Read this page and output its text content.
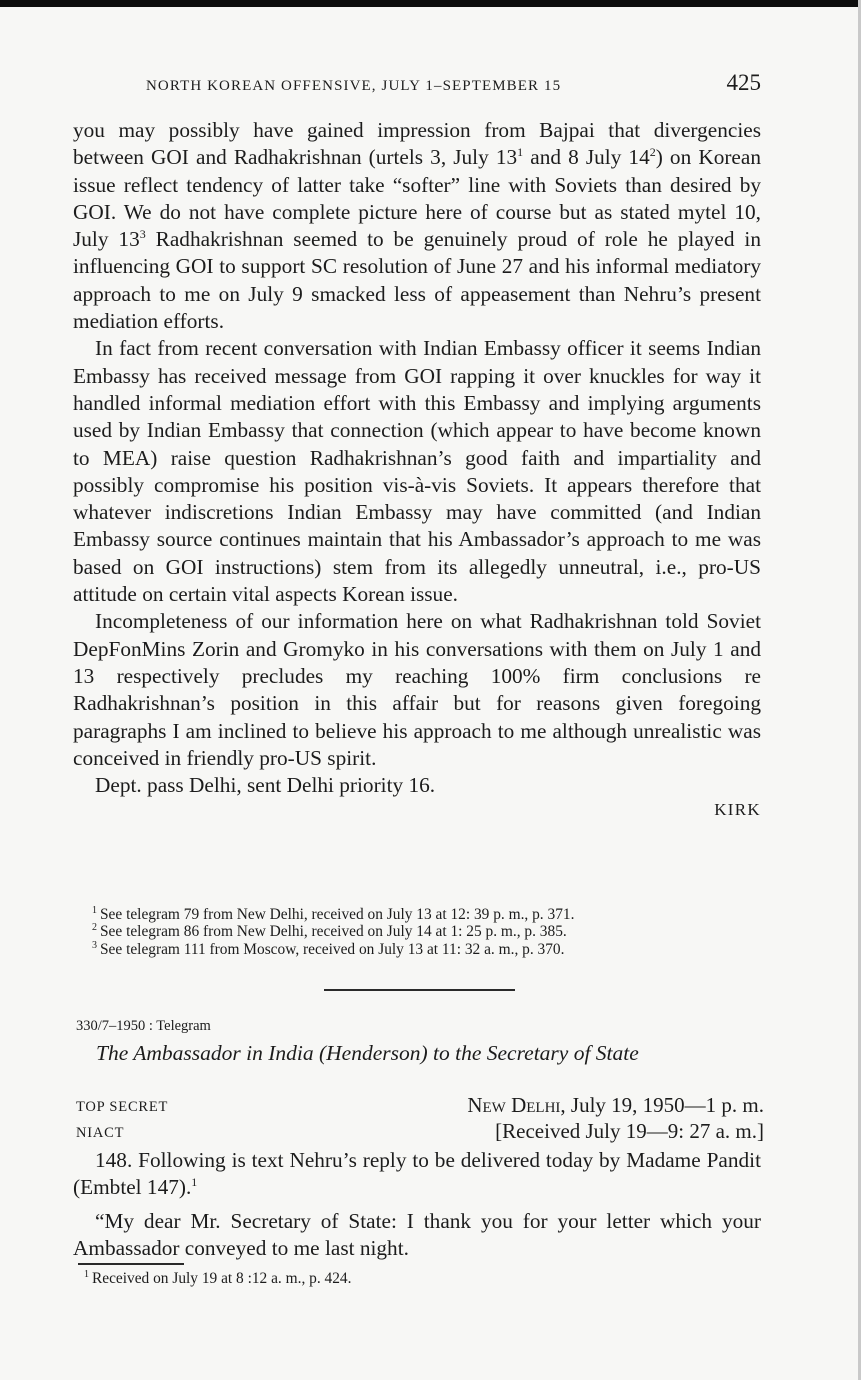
NORTH KOREAN OFFENSIVE, JULY 1–SEPTEMBER 15	425

you may possibly have gained impression from Bajpai that divergencies between GOI and Radhakrishnan (urtels 3, July $13^1$ and 8 July $14^2$) on Korean issue reflect tendency of latter take “softer” line with Soviets than desired by GOI. We do not have complete picture here of course but as stated mytel 10, July $13^3$ Radhakrishnan seemed to be genuinely proud of role he played in influencing GOI to support SC resolution of June 27 and his informal mediatory approach to me on July 9 smacked less of appeasement than Nehru’s present mediation efforts.

In fact from recent conversation with Indian Embassy officer it seems Indian Embassy has received message from GOI rapping it over knuckles for way it handled informal mediation effort with this Embassy and implying arguments used by Indian Embassy that connection (which appear to have become known to MEA) raise question Radhakrishnan’s good faith and impartiality and possibly compromise his position vis-à-vis Soviets. It appears therefore that whatever indiscretions Indian Embassy may have committed (and Indian Embassy source continues maintain that his Ambassador’s approach to me was based on GOI instructions) stem from its allegedly unneutral, i.e., pro-US attitude on certain vital aspects Korean issue.

Incompleteness of our information here on what Radhakrishnan told Soviet DepFonMins Zorin and Gromyko in his conversations with them on July 1 and 13 respectively precludes my reaching 100% firm conclusions re Radhakrishnan’s position in this affair but for reasons given foregoing paragraphs I am inclined to believe his approach to me although unrealistic was conceived in friendly pro-US spirit.

Dept. pass Delhi, sent Delhi priority 16.

KIRK
$^1$ See telegram 79 from New Delhi, received on July 13 at 12: 39 p. m., p. 371.
$^2$ See telegram 86 from New Delhi, received on July 14 at 1: 25 p. m., p. 385.
$^3$ See telegram 111 from Moscow, received on July 13 at 11: 32 a. m., p. 370.
330/7–1950 : Telegram
The Ambassador in India (Henderson) to the Secretary of State
TOP SECRET	New Delhi, July 19, 1950—1 p. m.
NIACT	[Received July 19—9: 27 a. m.]

148. Following is text Nehru’s reply to be delivered today by Madame Pandit (Embtel 147).$^1$

“My dear Mr. Secretary of State: I thank you for your letter which your Ambassador conveyed to me last night.

$^1$ Received on July 19 at 8 :12 a. m., p. 424.
